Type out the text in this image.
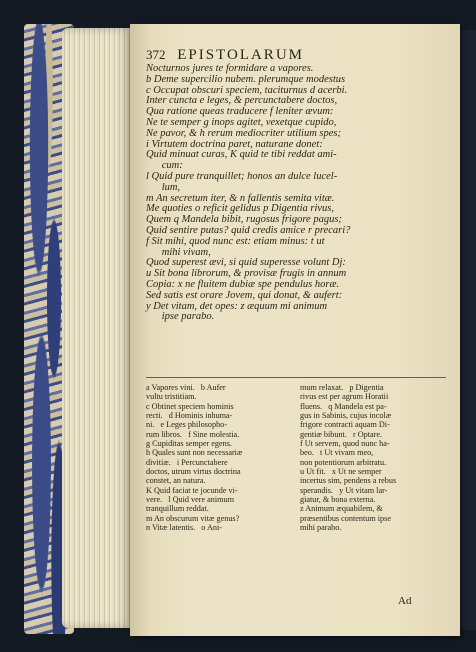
372 EPISTOLARUM
Nocturnos jures te formidare a vapores.
b Deme supercilio nubem. plerumque modestus
c Occupat obscuri speciem, taciturnus d acerbi.
Inter cuncta e leges, & percunctabere doctos,
Qua ratione queas traducere f leniter ævum:
Ne te semper g inops agitet, vexetque cupido,
Ne pavor, & h rerum mediocriter utilium spes;
i Virtutem doctrina paret, naturane donet:
Quid minuat curas, K quid te tibi reddat ami-
cum:
l Quid pure tranquillet; honos an dulce lucel-
lum,
m An secretum iter, & n fallentis semita vitæ.
Me quoties o reficit gelidus p Digentia rivus,
Quem q Mandela bibit, rugosus frigore pagus;
Quid sentire putas? quid credis amice r precari?
f Sit mihi, quod nunc est: etiam minus: t ut
mihi vivam,
Quod superest ævi, si quid superesse volunt Dj:
u Sit bona librorum, & provisæ frugis in annum
Copia: x ne fluitem dubiæ spe pendulus horæ.
Sed satis est orare Jovem, qui donat, & aufert:
y Det vitam, det opes: z æquum mi animum
ipse parabo.
a Vapores vini.   b Aufer
vultu tristitiam.
c Obtinet speciem hominis
recti.   d Hominis inhuma-
ni.   e Leges philosopho-
rum libros.   f Sine molestia.
g Cupiditas semper egens.
h Quales sunt non necessariæ
divitiæ.   i Percunctabere
doctos, utrum virtus doctrina
constet, an natura.
K Quid faciat te jocunde vi-
vere.   l Quid vere animum
tranquillum reddat.
m An obscurum vitæ genus?
n Vitæ latentis.   o Ani-
mum relaxat.   p Digentia
rivus est per agrum Horatii
fluens.   q Mandela est pa-
gus in Sabinis, cujus incolæ
frigore contracti aquam Di-
gentiæ bibunt.   r Optare.
f Ut servem, quod nunc ha-
beo.   t Ut vivam meo,
non potentiorum arbitratu.
u Ut fit.   x Ut ne semper
incertus sim, pendens a rebus
sperandis.   y Ut vitam lar-
giatur, & bona externa.
z Animum æquabilem, &
præsentibus contentum ipse
mihi parabo.
Ad
